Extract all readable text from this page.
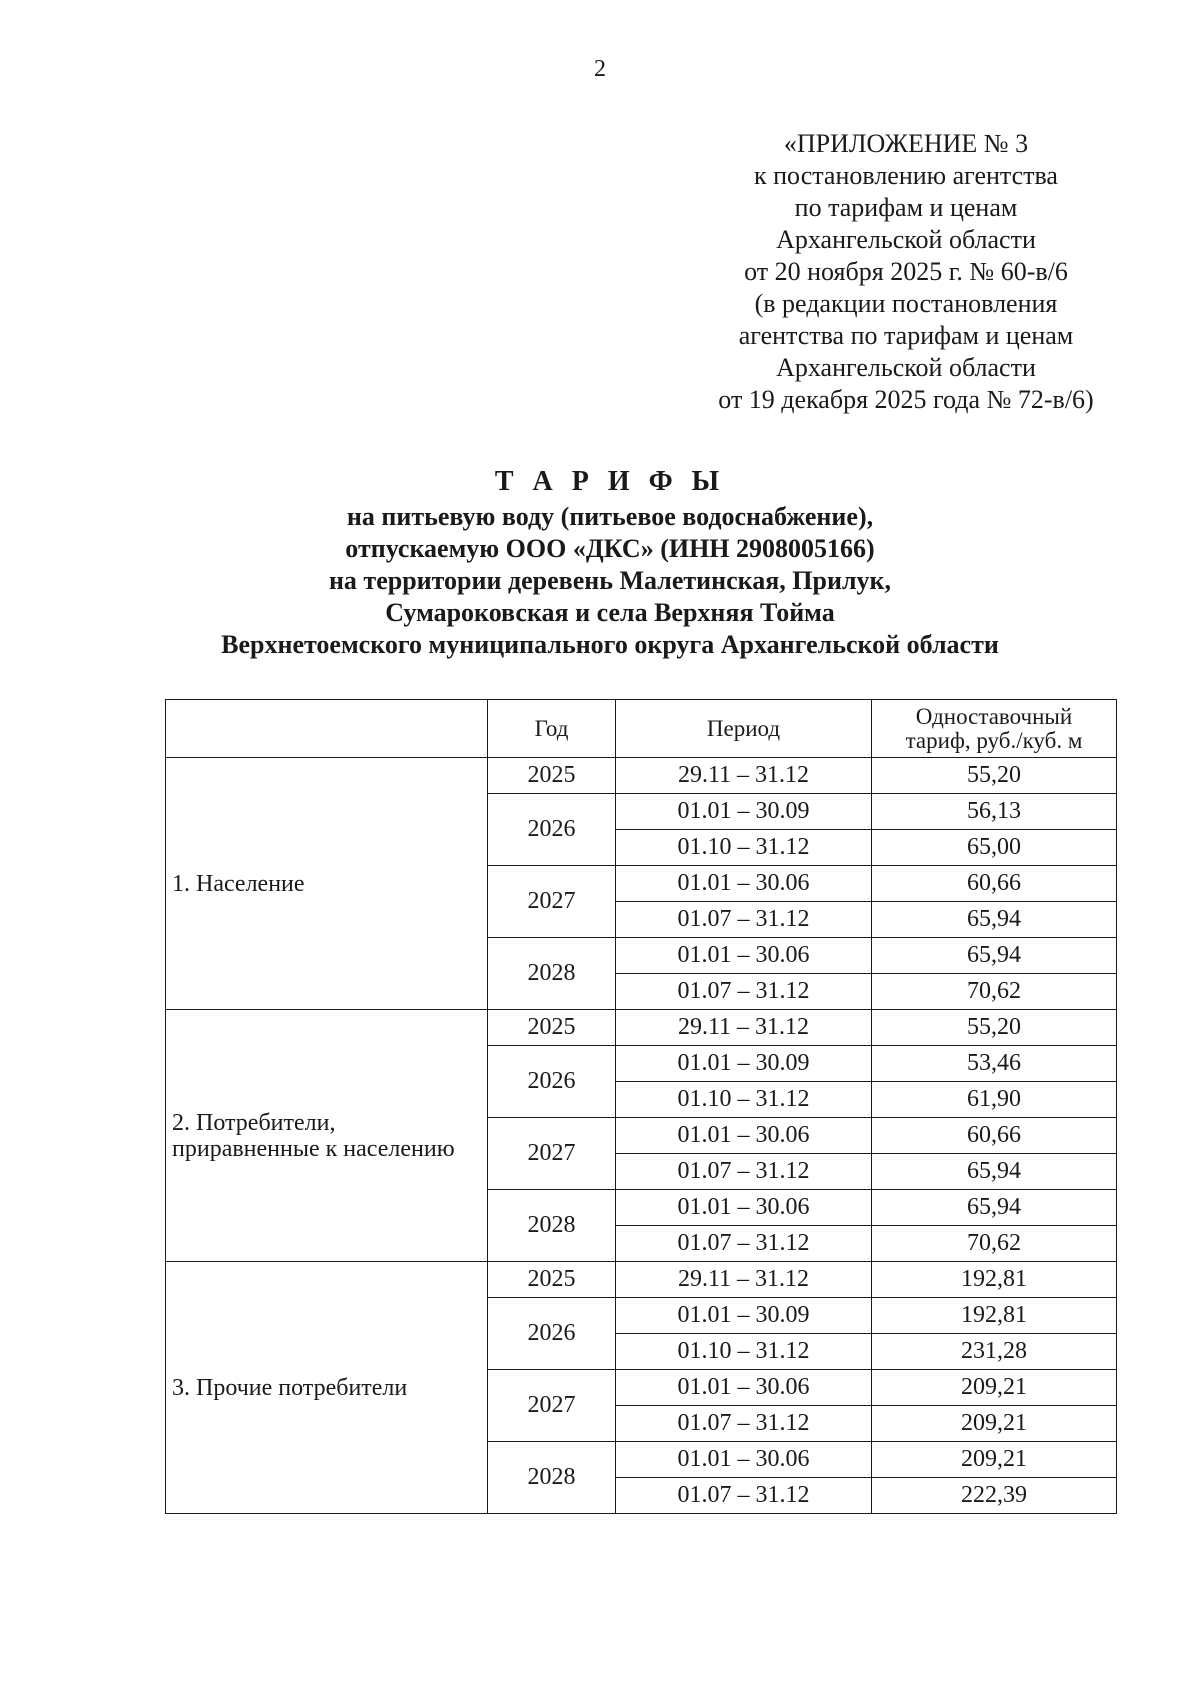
2
«ПРИЛОЖЕНИЕ № 3
к постановлению агентства
по тарифам и ценам
Архангельской области
от 20 ноября 2025 г. № 60-в/6
(в редакции постановления
агентства по тарифам и ценам
Архангельской области
от 19 декабря 2025 года № 72-в/6)
Т А Р И Ф Ы
на питьевую воду (питьевое водоснабжение),
отпускаемую ООО «ДКС» (ИНН 2908005166)
на территории деревень Малетинская, Прилук,
Сумароковская и села Верхняя Тойма
Верхнетоемского муниципального округа Архангельской области
	Год	Период	Одноставочный
тариф, руб./куб. м

1. Население	2025	29.11 – 31.12	55,20
	2026	01.01 – 30.09	56,13
		01.10 – 31.12	65,00
	2027	01.01 – 30.06	60,66
		01.07 – 31.12	65,94
	2028	01.01 – 30.06	65,94
		01.07 – 31.12	70,62

2. Потребители,
приравненные к населению	2025	29.11 – 31.12	55,20
	2026	01.01 – 30.09	53,46
		01.10 – 31.12	61,90
	2027	01.01 – 30.06	60,66
		01.07 – 31.12	65,94
	2028	01.01 – 30.06	65,94
		01.07 – 31.12	70,62

3. Прочие потребители	2025	29.11 – 31.12	192,81
	2026	01.01 – 30.09	192,81
		01.10 – 31.12	231,28
	2027	01.01 – 30.06	209,21
		01.07 – 31.12	209,21
	2028	01.01 – 30.06	209,21
		01.07 – 31.12	222,39
